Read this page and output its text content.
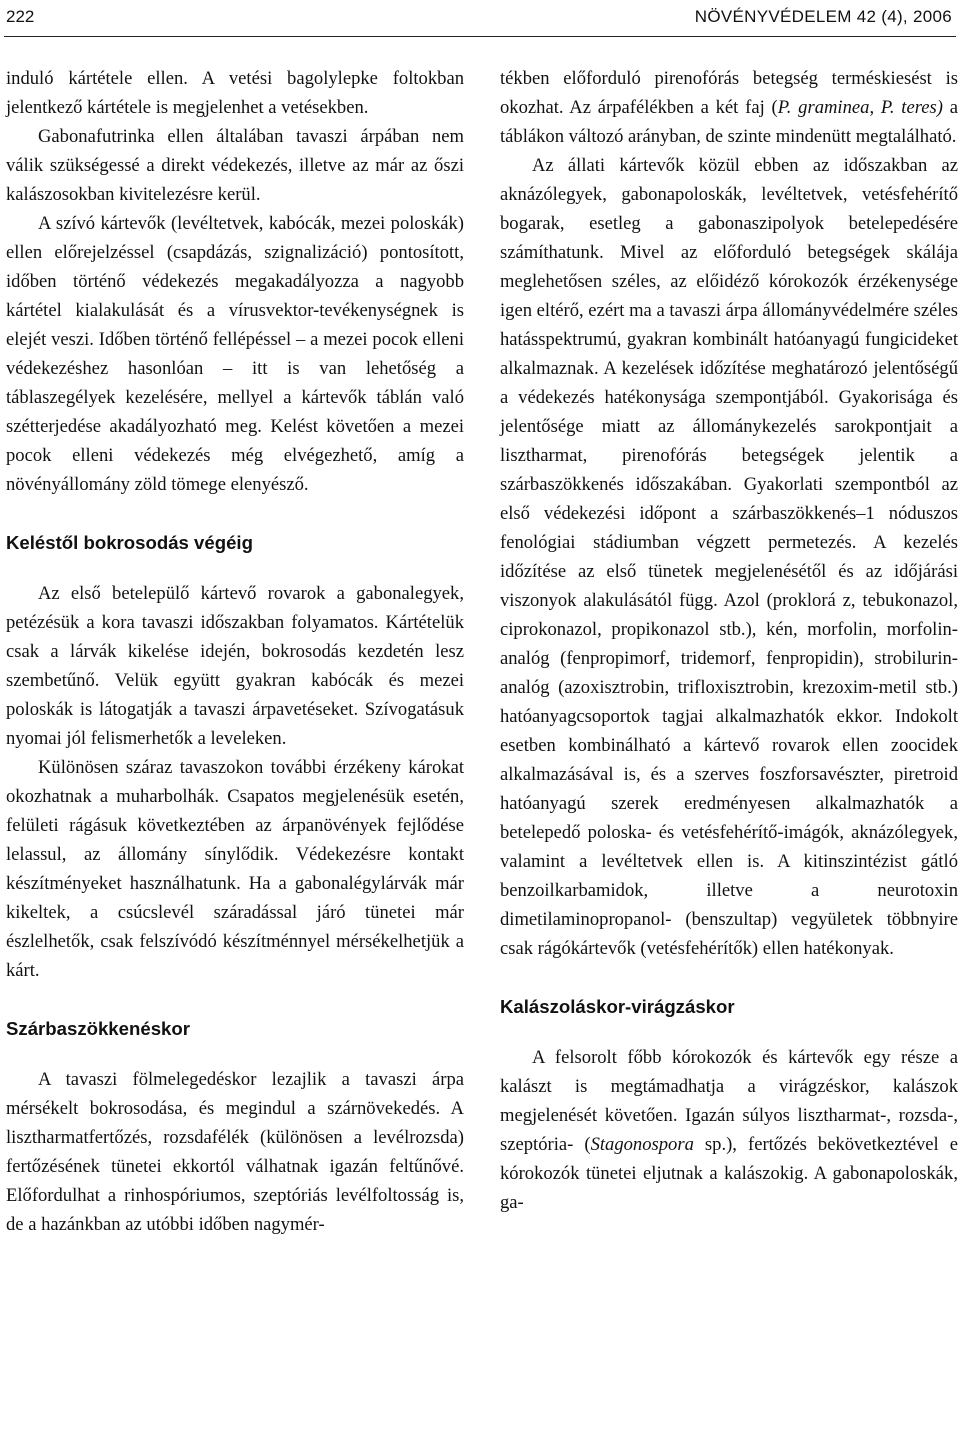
222	NÖVÉNYVÉDELEM 42 (4), 2006

induló kártétele ellen. A vetési bagolylepke foltokban jelentkező kártétele is megjelenhet a vetésekben.

Gabonafutrinka ellen általában tavaszi árpában nem válik szükségessé a direkt védekezés, illetve az már az őszi kalászosokban kivitelezésre kerül.

A szívó kártevők (levéltetvek, kabócák, mezei poloskák) ellen előrejelzéssel (csapdázás, szignalizáció) pontosított, időben történő védekezés megakadályozza a nagyobb kártétel kialakulását és a vírusvektor-tevékenységnek is elejét veszi. Időben történő fellépéssel – a mezei pocok elleni védekezéshez hasonlóan – itt is van lehetőség a táblaszegélyek kezelésére, mellyel a kártevők táblán való szétterjedése akadályozható meg. Kelést követően a mezei pocok elleni védekezés még elvégezhető, amíg a növényállomány zöld tömege elenyésző.

Keléstől bokrosodás végéig

Az első betelepülő kártevő rovarok a gabonalegyek, petézésük a kora tavaszi időszakban folyamatos. Kártételük csak a lárvák kikelése idején, bokrosodás kezdetén lesz szembetűnő. Velük együtt gyakran kabócák és mezei poloskák is látogatják a tavaszi árpavetéseket. Szívogatásuk nyomai jól felismerhetők a leveleken.

Különösen száraz tavaszokon további érzékeny károkat okozhatnak a muharbolhák. Csapatos megjelenésük esetén, felületi rágásuk következtében az árpanövények fejlődése lelassul, az állomány sínylődik. Védekezésre kontakt készítményeket használhatunk. Ha a gabonalégylárvák már kikeltek, a csúcslevél száradással járó tünetei már észlelhetők, csak felszívódó készítménnyel mérsékelhetjük a kárt.

Szárbaszökkenéskor

A tavaszi fölmelegedéskor lezajlik a tavaszi árpa mérsékelt bokrosodása, és megindul a szárnövekedés. A lisztharmatfertőzés, rozsdafélék (különösen a levélrozsda) fertőzésének tünetei ekkortól válhatnak igazán feltűnővé. Előfordulhat a rinhospóriumos, szeptóriás levélfoltosság is, de a hazánkban az utóbbi időben nagymér-

tékben előforduló pirenofórás betegség terméskiesést is okozhat. Az árpafélékben a két faj (P. graminea, P. teres) a táblákon változó arányban, de szinte mindenütt megtalálható.

Az állati kártevők közül ebben az időszakban az aknázólegyek, gabonapoloskák, levéltetvek, vetésfehérítő bogarak, esetleg a gabonaszipolyok betelepedésére számíthatunk. Mivel az előforduló betegségek skálája meglehetősen széles, az előidéző kórokozók érzékenysége igen eltérő, ezért ma a tavaszi árpa állományvédelmére széles hatásspektrumú, gyakran kombinált hatóanyagú fungicideket alkalmaznak. A kezelések időzítése meghatározó jelentőségű a védekezés hatékonysága szempontjából. Gyakorisága és jelentősége miatt az állománykezelés sarokpontjait a lisztharmat, pirenofórás betegségek jelentik a szárbaszökkenés időszakában. Gyakorlati szempontból az első védekezési időpont a szárbaszökkenés–1 nóduszos fenológiai stádiumban végzett permetezés. A kezelés időzítése az első tünetek megjelenésétől és az időjárási viszonyok alakulásától függ. Azol (proklorá z, tebukonazol, ciprokonazol, propikonazol stb.), kén, morfolin, morfolin-analóg (fenpropimorf, tridemorf, fenpropidin), strobilurin-analóg (azoxisztrobin, trifloxisztrobin, krezoxim-metil stb.) hatóanyagcsoportok tagjai alkalmazhatók ekkor. Indokolt esetben kombinálható a kártevő rovarok ellen zoocidek alkalmazásával is, és a szerves foszforsavészter, piretroid hatóanyagú szerek eredményesen alkalmazhatók a betelepedő poloska- és vetésfehérítő-imágók, aknázólegyek, valamint a levéltetvek ellen is. A kitinszintézist gátló benzoilkarbamidok, illetve a neurotoxin dimetilaminopropanol- (benszultap) vegyületek többnyire csak rágókártevők (vetésfehérítők) ellen hatékonyak.

Kalászoláskor-virágzáskor

A felsorolt főbb kórokozók és kártevők egy része a kalászt is megtámadhatja a virágzéskor, kalászok megjelenését követően. Igazán súlyos lisztharmat-, rozsda-, szeptória- (Stagonospora sp.), fertőzés bekövetkeztével e kórokozók tünetei eljutnak a kalászokig. A gabonapoloskák, ga-
